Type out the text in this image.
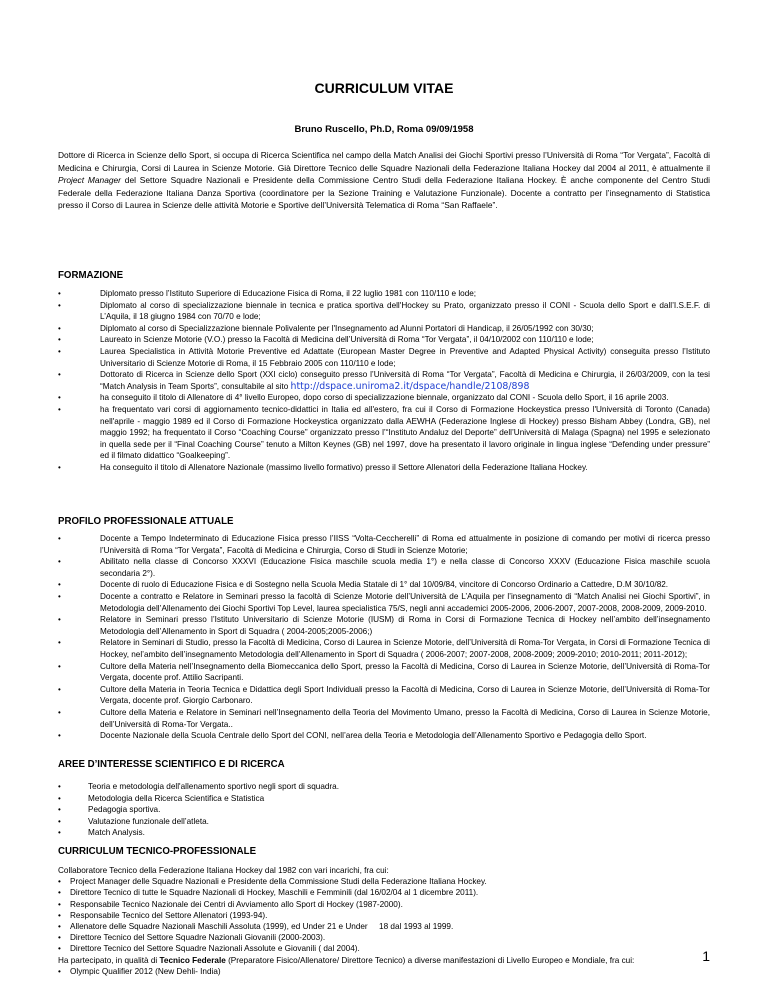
CURRICULUM VITAE
Bruno Ruscello, Ph.D, Roma 09/09/1958
Dottore di Ricerca in Scienze dello Sport, si occupa di Ricerca Scientifica nel campo della Match Analisi dei Giochi Sportivi presso l’Università di Roma “Tor Vergata”, Facoltà di Medicina e Chirurgia, Corsi di Laurea in Scienze Motorie. Già Direttore Tecnico delle Squadre Nazionali della Federazione Italiana Hockey dal 2004 al 2011, è attualmente il Project Manager del Settore Squadre Nazionali e Presidente della Commissione Centro Studi della Federazione Italiana Hockey. È anche componente del Centro Studi Federale della Federazione Italiana Danza Sportiva (coordinatore per la Sezione Training e Valutazione Funzionale). Docente a contratto per l’insegnamento di Statistica presso il Corso di Laurea in Scienze delle attività Motorie e Sportive dell’Università Telematica di Roma “San Raffaele”.
FORMAZIONE
• Diplomato presso l’Istituto Superiore di Educazione Fisica di Roma, il 22 luglio 1981 con 110/110 e lode;
• Diplomato al corso di specializzazione biennale in tecnica e pratica sportiva dell'Hockey su Prato, organizzato presso il CONI - Scuola dello Sport e dall’I.S.E.F. di L’Aquila, il 18 giugno 1984 con 70/70 e lode;
• Diplomato al corso di Specializzazione biennale Polivalente per l'Insegnamento ad Alunni Portatori di Handicap, il 26/05/1992 con 30/30;
• Laureato in Scienze Motorie (V.O.) presso la Facoltà di Medicina dell’Università di Roma “Tor Vergata”, il 04/10/2002 con 110/110 e lode;
• Laurea Specialistica in Attività Motorie Preventive ed Adattate (European Master Degree in Preventive and Adapted Physical Activity) conseguita presso l’Istituto Universitario di Scienze Motorie di Roma, il 15 Febbraio 2005 con 110/110 e lode;
• Dottorato di Ricerca in Scienze dello Sport (XXI ciclo) conseguito presso l’Università di Roma “Tor Vergata”, Facoltà di Medicina e Chirurgia, il 26/03/2009, con la tesi “Match Analysis in Team Sports”, consultabile al sito http://dspace.uniroma2.it/dspace/handle/2108/898
• ha conseguito il titolo di Allenatore di 4° livello Europeo, dopo corso di specializzazione biennale, organizzato dal CONI - Scuola dello Sport, il 16 aprile 2003.
• ha frequentato vari corsi di aggiornamento tecnico-didattici in Italia ed all'estero, fra cui il Corso di Formazione Hockeystica presso l'Università di Toronto (Canada) nell'aprile - maggio 1989 ed il Corso di Formazione Hockeystica organizzato dalla AEWHA (Federazione Inglese di Hockey) presso Bisham Abbey (Londra, GB), nel maggio 1992; ha frequentato il Corso “Coaching Course” organizzato presso l’“Instituto Andaluz del Deporte” dell’Università di Malaga (Spagna) nel 1995 e selezionato in quella sede per il “Final Coaching Course” tenuto a Milton Keynes (GB) nel 1997, dove ha presentato il lavoro originale in lingua inglese “Defending under pressure” ed il filmato didattico “Goalkeeping”.
• Ha conseguito il titolo di Allenatore Nazionale (massimo livello formativo) presso il Settore Allenatori della Federazione Italiana Hockey.
PROFILO PROFESSIONALE ATTUALE
• Docente a Tempo Indeterminato di Educazione Fisica presso l’IISS “Volta-Ceccherelli” di Roma ed attualmente in posizione di comando per motivi di ricerca presso l’Università di Roma “Tor Vergata”, Facoltà di Medicina e Chirurgia, Corso di Studi in Scienze Motorie;
• Abilitato nella classe di Concorso XXXVI (Educazione Fisica maschile scuola media 1°) e nella classe di Concorso XXXV (Educazione Fisica maschile scuola secondaria 2°).
• Docente di ruolo di Educazione Fisica e di Sostegno nella Scuola Media Statale di 1° dal 10/09/84, vincitore di Concorso Ordinario a Cattedre, D.M 30/10/82.
• Docente a contratto e Relatore in Seminari presso la facoltà di Scienze Motorie dell’Università de L’Aquila per l’insegnamento di “Match Analisi nei Giochi Sportivi”, in Metodologia dell’Allenamento dei Giochi Sportivi Top Level, laurea specialistica 75/S, negli anni accademici 2005-2006, 2006-2007, 2007-2008, 2008-2009, 2009-2010.
• Relatore in Seminari presso l’Istituto Universitario di Scienze Motorie (IUSM) di Roma in Corsi di Formazione Tecnica di Hockey nell’ambito dell’insegnamento Metodologia dell’Allenamento in Sport di Squadra ( 2004-2005;2005-2006;)
• Relatore in Seminari di Studio, presso la Facoltà di Medicina, Corso di Laurea in Scienze Motorie, dell’Università di Roma-Tor Vergata, in Corsi di Formazione Tecnica di Hockey, nel’ambito dell’insegnamento Metodologia dell’Allenamento in Sport di Squadra ( 2006-2007; 2007-2008, 2008-2009; 2009-2010; 2010-2011; 2011-2012);
• Cultore della Materia nell’Insegnamento della Biomeccanica dello Sport, presso la Facoltà di Medicina, Corso di Laurea in Scienze Motorie, dell’Università di Roma-Tor Vergata, docente prof. Attilio Sacripanti.
• Cultore della Materia in Teoria Tecnica e Didattica degli Sport Individuali presso la Facoltà di Medicina, Corso di Laurea in Scienze Motorie, dell’Università di Roma-Tor Vergata, docente prof. Giorgio Carbonaro.
• Cultore della Materia e Relatore in Seminari nell’Insegnamento della Teoria del Movimento Umano, presso la Facoltà di Medicina, Corso di Laurea in Scienze Motorie, dell’Università di Roma-Tor Vergata..
• Docente Nazionale della Scuola Centrale dello Sport del CONI, nell’area della Teoria e Metodologia dell’Allenamento Sportivo e Pedagogia dello Sport.
AREE D’INTERESSE SCIENTIFICO E DI RICERCA
• Teoria e metodologia dell'allenamento sportivo negli sport di squadra.
• Metodologia della Ricerca Scientifica e Statistica
• Pedagogia sportiva.
• Valutazione funzionale dell’atleta.
• Match Analysis.
CURRICULUM TECNICO-PROFESSIONALE
Collaboratore Tecnico della Federazione Italiana Hockey dal 1982 con vari incarichi, fra cui:
• Project Manager delle Squadre Nazionali e Presidente della Commissione Studi della Federazione Italiana Hockey.
• Direttore Tecnico di tutte le Squadre Nazionali di Hockey, Maschili e Femminili (dal 16/02/04 al 1 dicembre 2011).
• Responsabile Tecnico Nazionale dei Centri di Avviamento allo Sport di Hockey (1987-2000).
• Responsabile Tecnico del Settore Allenatori (1993-94).
• Allenatore delle Squadre Nazionali Maschili Assoluta (1999), ed Under 21 e Under     18 dal 1993 al 1999.
• Direttore Tecnico del Settore Squadre Nazionali Giovanili (2000-2003).
• Direttore Tecnico del Settore Squadre Nazionali Assolute e Giovanili ( dal 2004).
Ha partecipato, in qualità di Tecnico Federale (Preparatore Fisico/Allenatore/ Direttore Tecnico) a diverse manifestazioni di Livello Europeo e Mondiale, fra cui:
• Olympic Qualifier 2012 (New Dehli- India)
1
